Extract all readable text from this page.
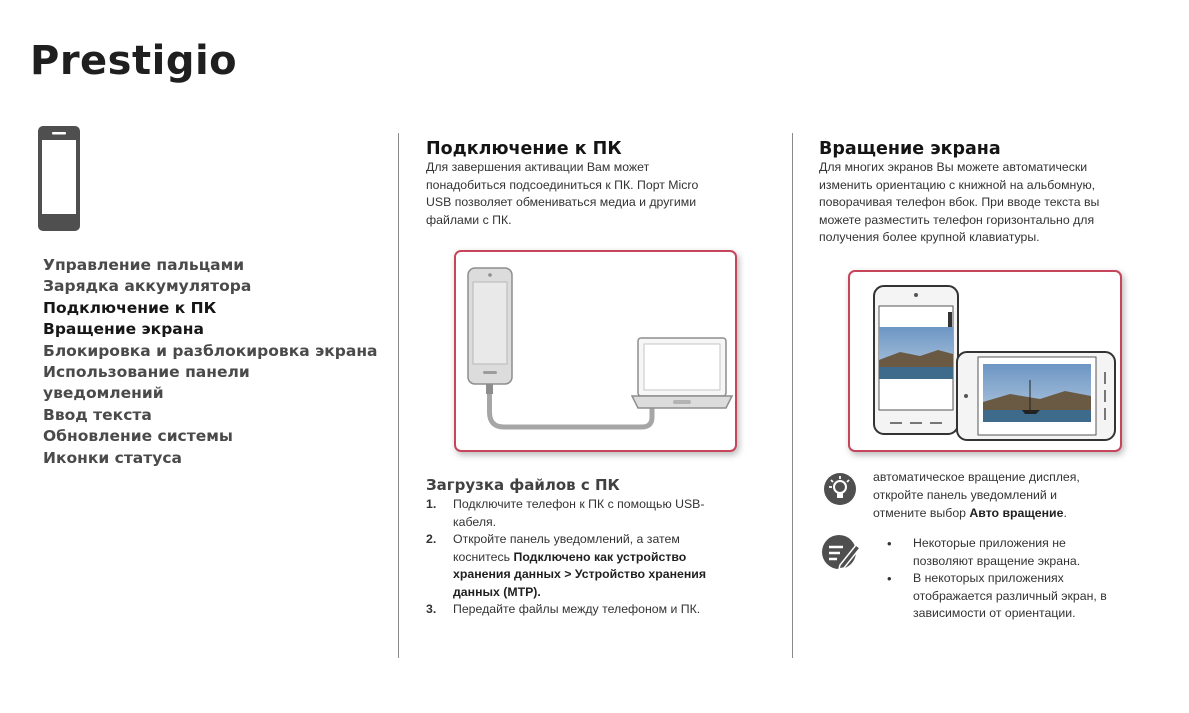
Prestigio
Управление пальцами
Зарядка аккумулятора
Подключение к ПК
Вращение экрана
Блокировка и разблокировка экрана
Использование панели
уведомлений
Ввод текста
Обновление системы
Иконки статуса
Подключение к ПК
Для завершения активации Вам может
понадобиться подсоединиться к ПК. Порт Micro
USB позволяет обмениваться медиа и другими
файлами с ПК.
Загрузка файлов с ПК
1. Подключите телефон к ПК с помощью USB-
кабеля.
2. Откройте панель уведомлений, а затем
коснитесь Подключено как устройство
хранения данных > Устройство хранения
данных (MTP).
3. Передайте файлы между телефоном и ПК.
Вращение экрана
Для многих экранов Вы можете автоматически
изменить ориентацию с книжной на альбомную,
поворачивая телефон вбок. При вводе текста вы
можете разместить телефон горизонтально для
получения более крупной клавиатуры.
автоматическое вращение дисплея,
откройте панель уведомлений и
отмените выбор Авто вращение.
• Некоторые приложения не
позволяют вращение экрана.
• В некоторых приложениях
отображается различный экран, в
зависимости от ориентации.
